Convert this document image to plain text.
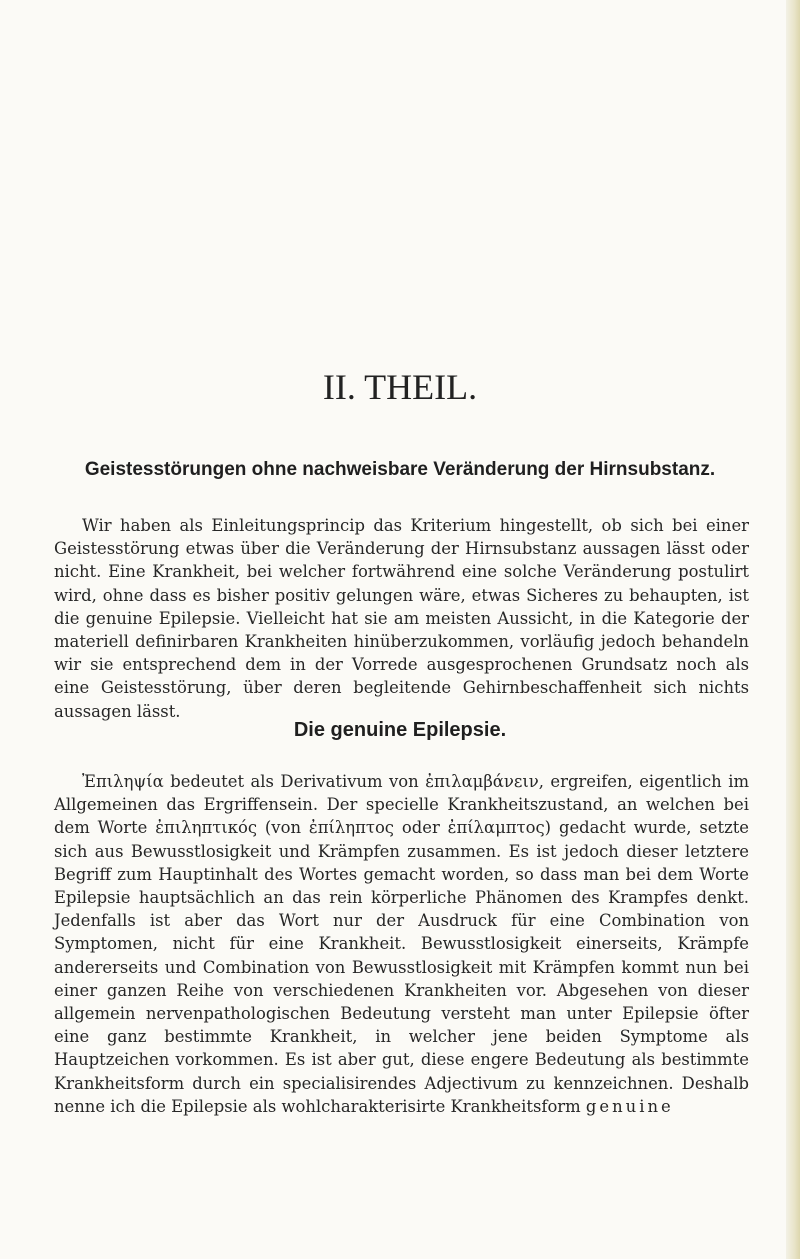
II. THEIL.
Geistesstörungen ohne nachweisbare Veränderung der Hirnsubstanz.

Wir haben als Einleitungsprincip das Kriterium hingestellt, ob sich bei einer Geistesstörung etwas über die Veränderung der Hirnsubstanz aussagen lässt oder nicht. Eine Krankheit, bei welcher fortwährend eine solche Veränderung postulirt wird, ohne dass es bisher positiv gelungen wäre, etwas Sicheres zu behaupten, ist die genuine Epilepsie. Vielleicht hat sie am meisten Aussicht, in die Kategorie der materiell definirbaren Krankheiten hinüberzukommen, vorläufig jedoch behandeln wir sie entsprechend dem in der Vorrede ausgesprochenen Grundsatz noch als eine Geistesstörung, über deren begleitende Gehirnbeschaffenheit sich nichts aussagen lässt.

Die genuine Epilepsie.

Ἐπιληψία bedeutet als Derivativum von ἐπιλαμβάνειν, ergreifen, eigentlich im Allgemeinen das Ergriffensein. Der specielle Krankheitszustand, an welchen bei dem Worte ἐπιληπτικός (von ἐπίληπτος oder ἐπίλαμπτος) gedacht wurde, setzte sich aus Bewusstlosigkeit und Krämpfen zusammen. Es ist jedoch dieser letztere Begriff zum Hauptinhalt des Wortes gemacht worden, so dass man bei dem Worte Epilepsie hauptsächlich an das rein körperliche Phänomen des Krampfes denkt. Jedenfalls ist aber das Wort nur der Ausdruck für eine Combination von Symptomen, nicht für eine Krankheit. Bewusstlosigkeit einerseits, Krämpfe andererseits und Combination von Bewusstlosigkeit mit Krämpfen kommt nun bei einer ganzen Reihe von verschiedenen Krankheiten vor. Abgesehen von dieser allgemein nervenpathologischen Bedeutung versteht man unter Epilepsie öfter eine ganz bestimmte Krankheit, in welcher jene beiden Symptome als Hauptzeichen vorkommen. Es ist aber gut, diese engere Bedeutung als bestimmte Krankheitsform durch ein specialisirendes Adjectivum zu kennzeichnen. Deshalb nenne ich die Epilepsie als wohlcharakterisirte Krankheitsform genuine
